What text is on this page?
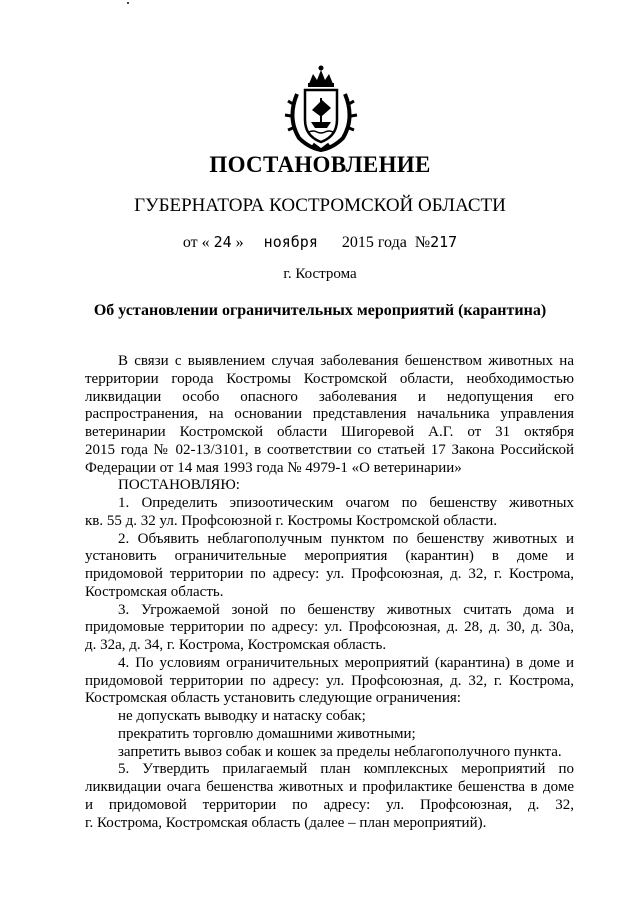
ПОСТАНОВЛЕНИЕ
ГУБЕРНАТОРА КОСТРОМСКОЙ ОБЛАСТИ
от « 24 » ноября 2015 года №217
г. Кострома
Об установлении ограничительных мероприятий (карантина)

В связи с выявлением случая заболевания бешенством животных на

территории города Костромы Костромской области, необходимостью

ликвидации особо опасного заболевания и недопущения его

распространения, на основании представления начальника управления

ветеринарии Костромской области Шигоревой А.Г. от 31 октября

2015 года № 02-13/3101, в соответствии со статьей 17 Закона Российской

Федерации от 14 мая 1993 года № 4979-1 «О ветеринарии»

ПОСТАНОВЛЯЮ:

1. Определить эпизоотическим очагом по бешенству животных

кв. 55 д. 32 ул. Профсоюзной г. Костромы Костромской области.

2. Объявить неблагополучным пунктом по бешенству животных и

установить ограничительные мероприятия (карантин) в доме и

придомовой территории по адресу: ул. Профсоюзная, д. 32, г. Кострома,

Костромская область.

3. Угрожаемой зоной по бешенству животных считать дома и

придомовые территории по адресу: ул. Профсоюзная, д. 28, д. 30, д. 30а,

д. 32а, д. 34, г. Кострома, Костромская область.

4. По условиям ограничительных мероприятий (карантина) в доме и

придомовой территории по адресу: ул. Профсоюзная, д. 32, г. Кострома,

Костромская область установить следующие ограничения:

не допускать выводку и натаску собак;

прекратить торговлю домашними животными;

запретить вывоз собак и кошек за пределы неблагополучного пункта.

5. Утвердить прилагаемый план комплексных мероприятий по

ликвидации очага бешенства животных и профилактике бешенства в доме

и придомовой территории по адресу: ул. Профсоюзная, д. 32,

г. Кострома, Костромская область (далее – план мероприятий).
